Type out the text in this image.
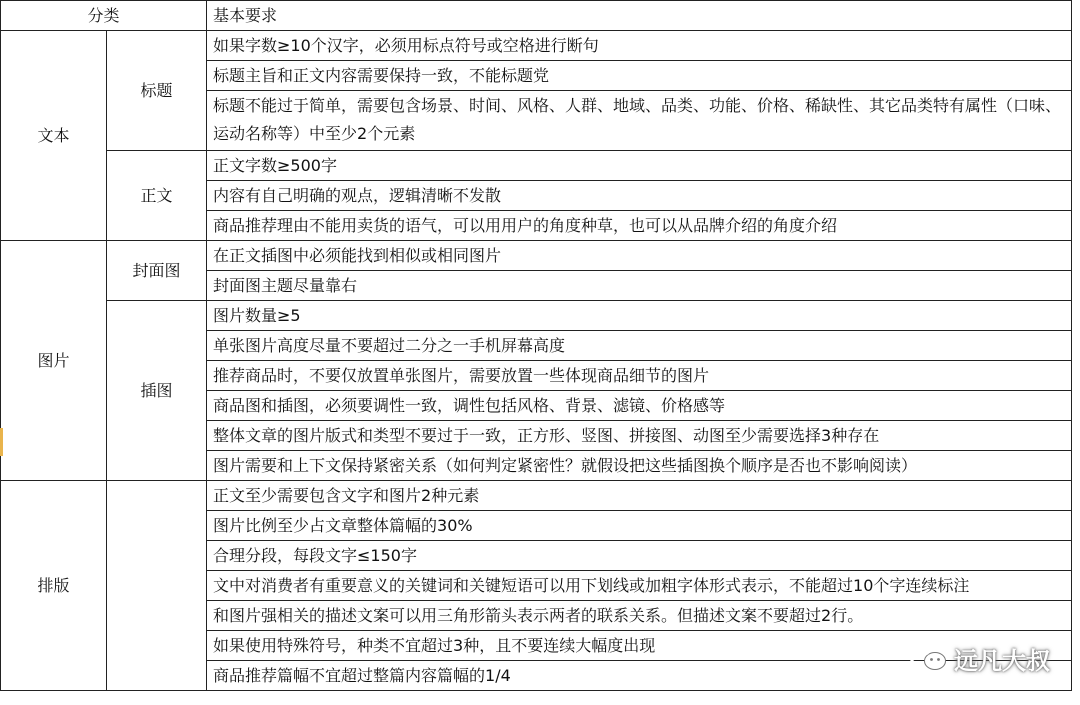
分类		基本要求
文本	标题	如果字数≥10个汉字，必须用标点符号或空格进行断句
		标题主旨和正文内容需要保持一致，不能标题党
		标题不能过于简单，需要包含场景、时间、风格、人群、地域、品类、功能、价格、稀缺性、其它品类特有属性（口味、运动名称等）中至少2个元素
	正文	正文字数≥500字
		内容有自己明确的观点，逻辑清晰不发散
		商品推荐理由不能用卖货的语气，可以用用户的角度种草，也可以从品牌介绍的角度介绍
图片	封面图	在正文插图中必须能找到相似或相同图片
		封面图主题尽量靠右
	插图	图片数量≥5
		单张图片高度尽量不要超过二分之一手机屏幕高度
		推荐商品时，不要仅放置单张图片，需要放置一些体现商品细节的图片
		商品图和插图，必须要调性一致，调性包括风格、背景、滤镜、价格感等
		整体文章的图片版式和类型不要过于一致，正方形、竖图、拼接图、动图至少需要选择3种存在
		图片需要和上下文保持紧密关系（如何判定紧密性？就假设把这些插图换个顺序是否也不影响阅读）
排版		正文至少需要包含文字和图片2种元素
		图片比例至少占文章整体篇幅的30%
		合理分段，每段文字≤150字
		文中对消费者有重要意义的关键词和关键短语可以用下划线或加粗字体形式表示，不能超过10个字连续标注
		和图片强相关的描述文案可以用三角形箭头表示两者的联系关系。但描述文案不要超过2行。
		如果使用特殊符号，种类不宜超过3种，且不要连续大幅度出现
		商品推荐篇幅不宜超过整篇内容篇幅的1/4
远凡大叔
